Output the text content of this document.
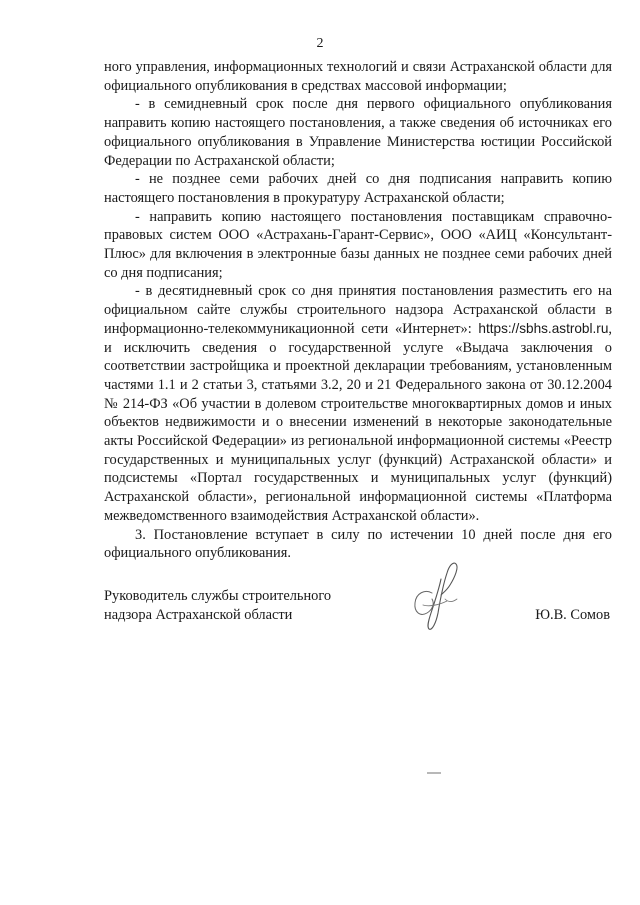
2

ного управления, информационных технологий и связи Астраханской области для официального опубликования в средствах массовой информации;

- в семидневный срок после дня первого официального опубликования направить копию настоящего постановления, а также сведения об источниках его официального опубликования в Управление Министерства юстиции Российской Федерации по Астраханской области;

- не позднее семи рабочих дней со дня подписания направить копию настоящего постановления в прокуратуру Астраханской области;

- направить копию настоящего постановления поставщикам справочно-правовых систем ООО «Астрахань-Гарант-Сервис», ООО «АИЦ «Консультант-Плюс» для включения в электронные базы данных не позднее семи рабочих дней со дня подписания;

- в десятидневный срок со дня принятия постановления разместить его на официальном сайте службы строительного надзора Астраханской области в информационно-телекоммуникационной сети «Интернет»: https://sbhs.astrobl.ru, и исключить сведения о государственной услуге «Выдача заключения о соответствии застройщика и проектной декларации требованиям, установленным частями 1.1 и 2 статьи 3, статьями 3.2, 20 и 21 Федерального закона от 30.12.2004 № 214-ФЗ «Об участии в долевом строительстве многоквартирных домов и иных объектов недвижимости и о внесении изменений в некоторые законодательные акты Российской Федерации» из региональной информационной системы «Реестр государственных и муниципальных услуг (функций) Астраханской области» и подсистемы «Портал государственных и муниципальных услуг (функций) Астраханской области», региональной информационной системы «Платформа межведомственного взаимодействия Астраханской области».

3. Постановление вступает в силу по истечении 10 дней после дня его официального опубликования.

Руководитель службы строительного
надзора Астраханской области	Ю.В. Сомов
